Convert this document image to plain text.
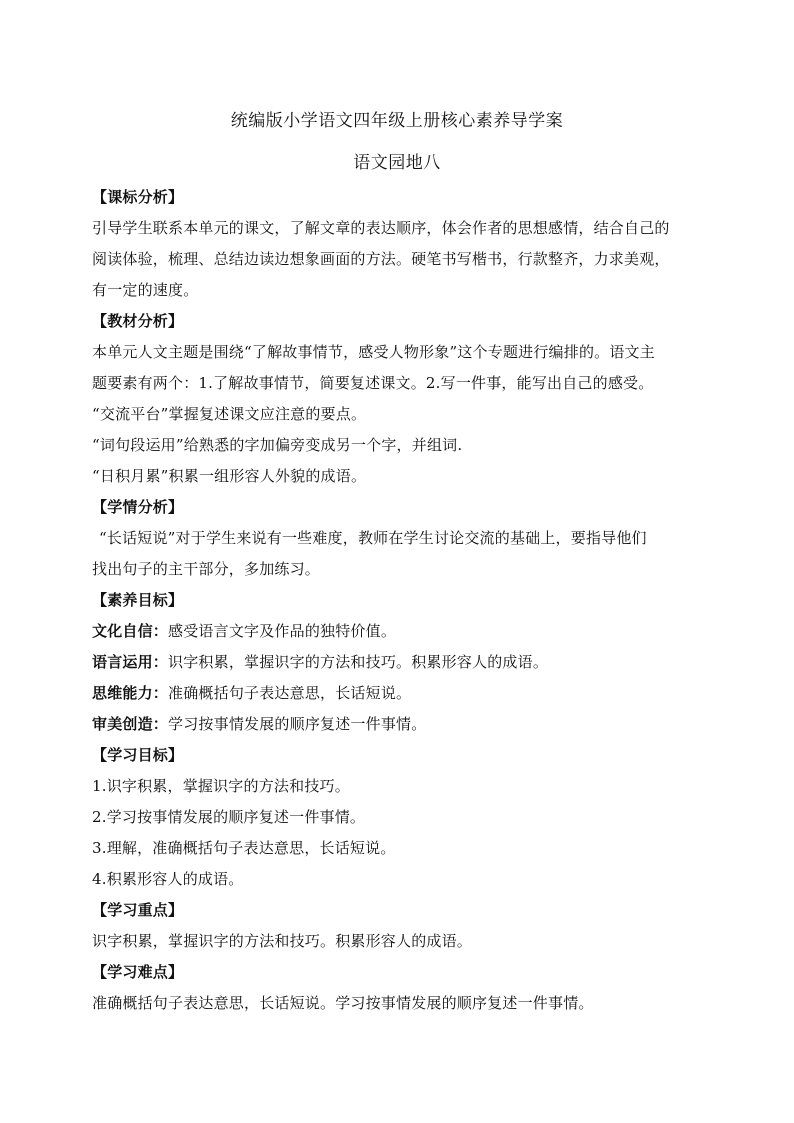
统编版小学语文四年级上册核心素养导学案
语文园地八
【课标分析】
引导学生联系本单元的课文，了解文章的表达顺序，体会作者的思想感情，结合自己的
阅读体验，梳理、总结边读边想象画面的方法。硬笔书写楷书，行款整齐，力求美观，
有一定的速度。
【教材分析】
本单元人文主题是围绕“了解故事情节，感受人物形象”这个专题进行编排的。语文主
题要素有两个：1.了解故事情节，简要复述课文。2.写一件事，能写出自己的感受。
“交流平台”掌握复述课文应注意的要点。
“词句段运用”给熟悉的字加偏旁变成另一个字，并组词.
“日积月累”积累一组形容人外貌的成语。
【学情分析】
“长话短说”对于学生来说有一些难度，教师在学生讨论交流的基础上，要指导他们
找出句子的主干部分，多加练习。
【素养目标】
文化自信：感受语言文字及作品的独特价值。
语言运用：识字积累，掌握识字的方法和技巧。积累形容人的成语。
思维能力：准确概括句子表达意思，长话短说。
审美创造：学习按事情发展的顺序复述一件事情。
【学习目标】
1.识字积累，掌握识字的方法和技巧。
2.学习按事情发展的顺序复述一件事情。
3.理解，准确概括句子表达意思，长话短说。
4.积累形容人的成语。
【学习重点】
识字积累，掌握识字的方法和技巧。积累形容人的成语。
【学习难点】
准确概括句子表达意思，长话短说。学习按事情发展的顺序复述一件事情。
